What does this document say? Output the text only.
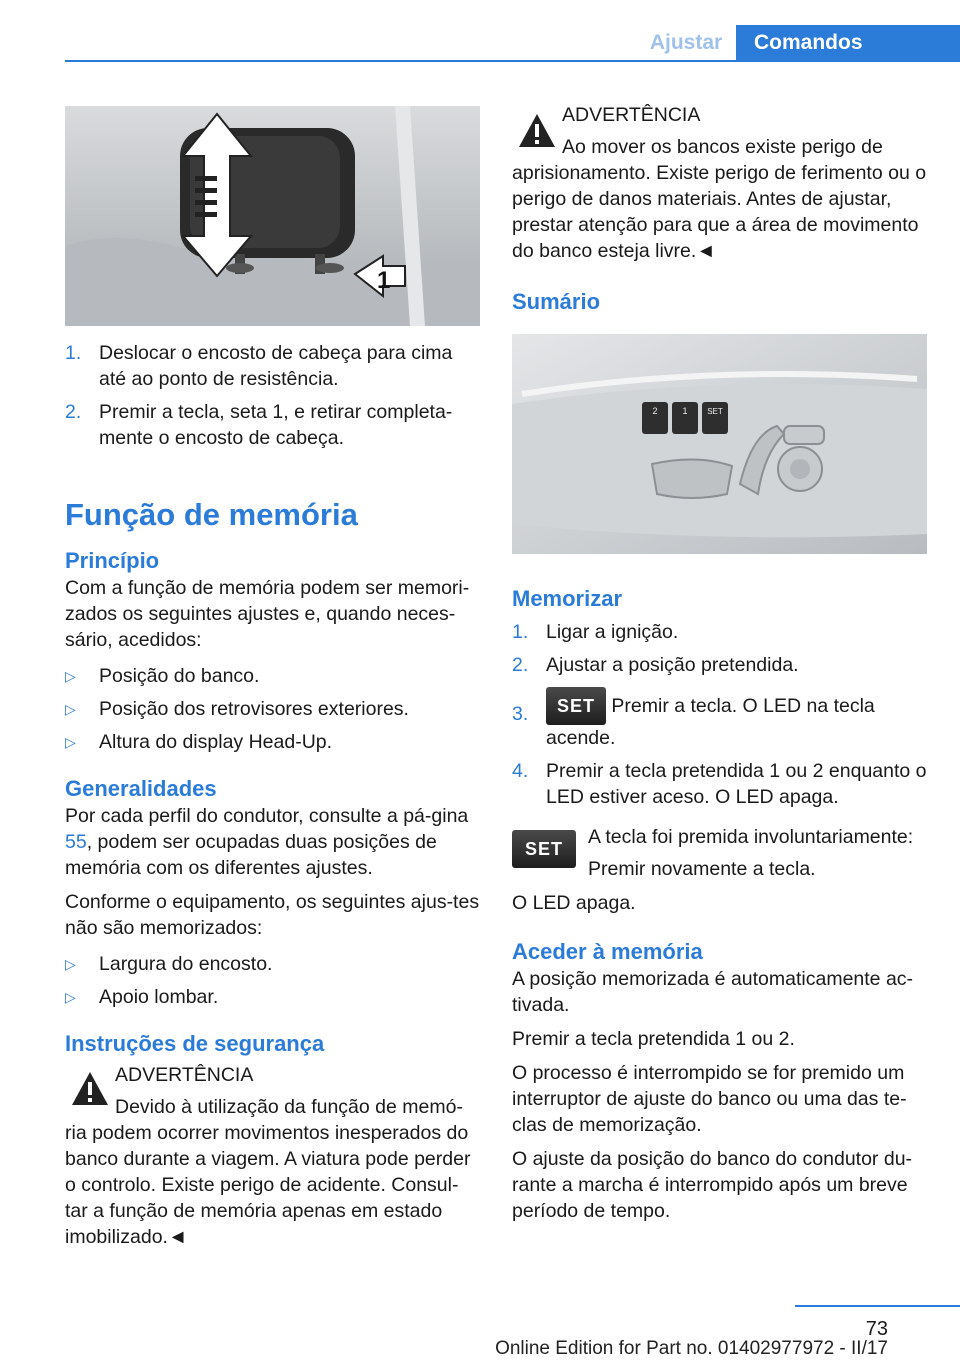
Ajustar	Comandos
1
1. Deslocar o encosto de cabeça para cima até ao ponto de resistência.
2. Premir a tecla, seta 1, e retirar completa-mente o encosto de cabeça.
Função de memória
Princípio

Com a função de memória podem ser memori-zados os seguintes ajustes e, quando neces-sário, acedidos:

▷	Posição do banco.
▷	Posição dos retrovisores exteriores.
▷	Altura do display Head-Up.
Generalidades

Por cada perfil do condutor, consulte a pá-gina 55, podem ser ocupadas duas posições de memória com os diferentes ajustes.

Conforme o equipamento, os seguintes ajus-tes não são memorizados:

▷	Largura do encosto.
▷	Apoio lombar.
Instruções de segurança
ADVERTÊNCIA
Devido à utilização da função de memó-

ria podem ocorrer movimentos inesperados do banco durante a viagem. A viatura pode perder o controlo. Existe perigo de acidente. Consul-tar a função de memória apenas em estado imobilizado.◄

ADVERTÊNCIA
Ao mover os bancos existe perigo de

aprisionamento. Existe perigo de ferimento ou o perigo de danos materiais. Antes de ajustar, prestar atenção para que a área de movimento do banco esteja livre.◄

Sumário
2	1 SET
Memorizar
1. Ligar a ignição.
2. Ajustar a posição pretendida.
3.	SET Premir a tecla. O LED na tecla acende.
4. Premir a tecla pretendida 1 ou 2 enquanto o LED estiver aceso. O LED apaga.
SET
A tecla foi premida involuntariamente:
Premir novamente a tecla.

O LED apaga.

Aceder à memória

A posição memorizada é automaticamente ac-tivada.

Premir a tecla pretendida 1 ou 2.

O processo é interrompido se for premido um interruptor de ajuste do banco ou uma das te-clas de memorização.

O ajuste da posição do banco do condutor du-rante a marcha é interrompido após um breve período de tempo.

73
Online Edition for Part no. 01402977972 - II/17
